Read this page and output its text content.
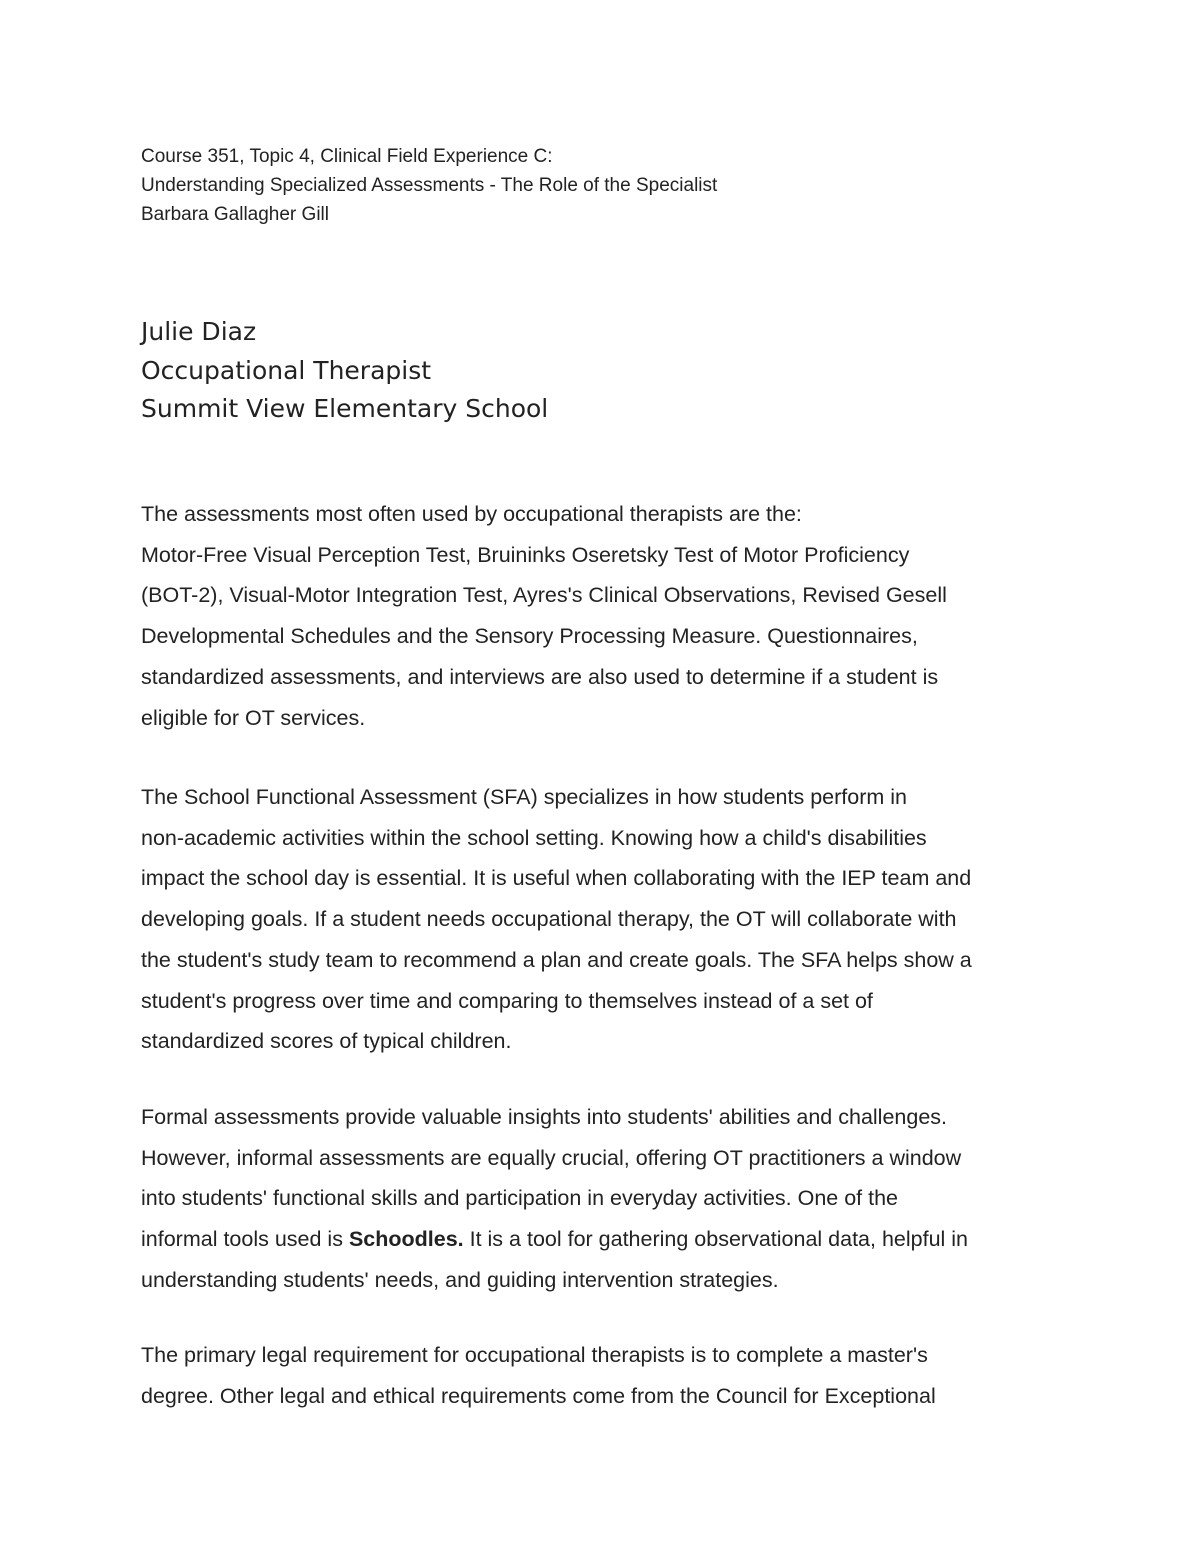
Course 351, Topic 4, Clinical Field Experience C:
Understanding Specialized Assessments - The Role of the Specialist
Barbara Gallagher Gill
Julie Diaz
Occupational Therapist
Summit View Elementary School
The assessments most often used by occupational therapists are the:
Motor-Free Visual Perception Test, Bruininks Oseretsky Test of Motor Proficiency
(BOT-2), Visual-Motor Integration Test, Ayres's Clinical Observations, Revised Gesell
Developmental Schedules and the Sensory Processing Measure. Questionnaires,
standardized assessments, and interviews are also used to determine if a student is
eligible for OT services.
The School Functional Assessment (SFA) specializes in how students perform in
non-academic activities within the school setting. Knowing how a child's disabilities
impact the school day is essential. It is useful when collaborating with the IEP team and
developing goals. If a student needs occupational therapy, the OT will collaborate with
the student's study team to recommend a plan and create goals. The SFA helps show a
student's progress over time and comparing to themselves instead of a set of
standardized scores of typical children.
Formal assessments provide valuable insights into students' abilities and challenges.
However, informal assessments are equally crucial, offering OT practitioners a window
into students' functional skills and participation in everyday activities. One of the
informal tools used is Schoodles. It is a tool for gathering observational data, helpful in
understanding students' needs, and guiding intervention strategies.
The primary legal requirement for occupational therapists is to complete a master's
degree. Other legal and ethical requirements come from the Council for Exceptional
